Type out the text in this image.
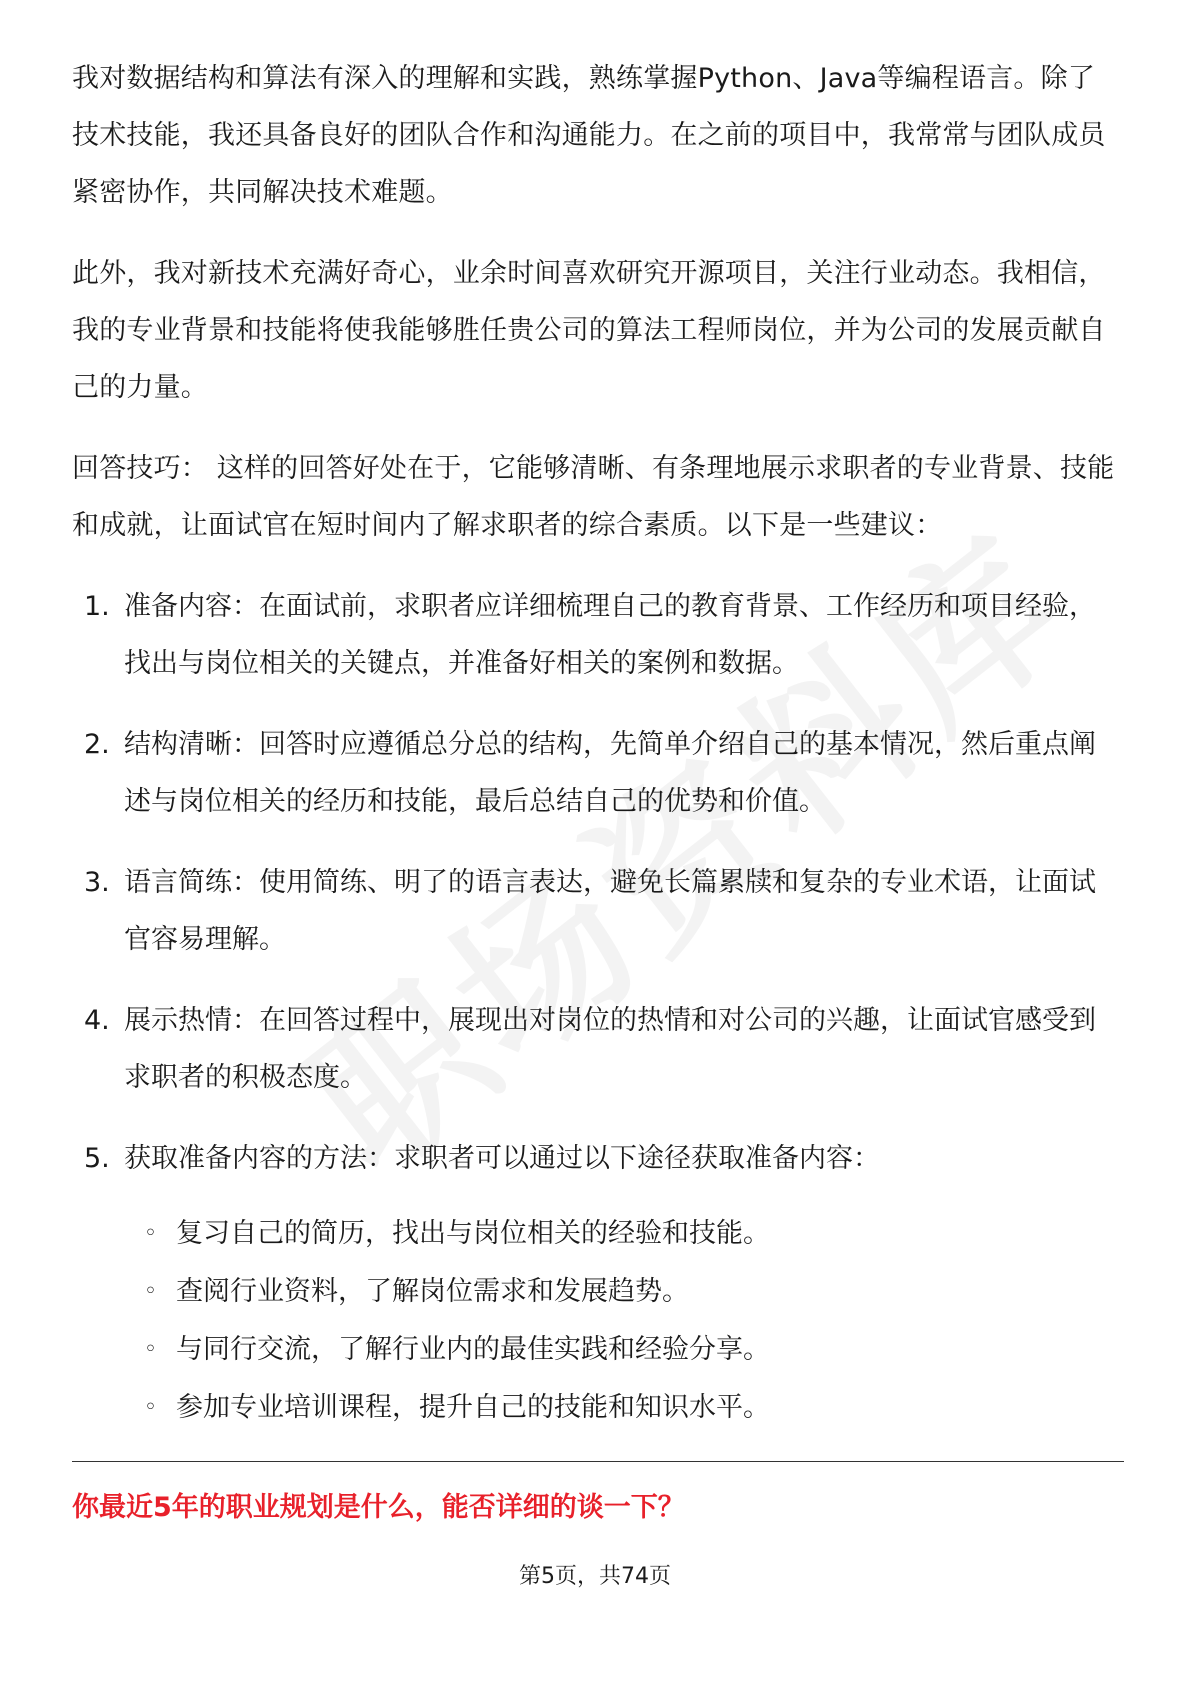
我对数据结构和算法有深入的理解和实践，熟练掌握Python、Java等编程语言。除了技术技能，我还具备良好的团队合作和沟通能力。在之前的项目中，我常常与团队成员紧密协作，共同解决技术难题。

此外，我对新技术充满好奇心，业余时间喜欢研究开源项目，关注行业动态。我相信，我的专业背景和技能将使我能够胜任贵公司的算法工程师岗位，并为公司的发展贡献自己的力量。

回答技巧： 这样的回答好处在于，它能够清晰、有条理地展示求职者的专业背景、技能和成就，让面试官在短时间内了解求职者的综合素质。以下是一些建议：

1. 准备内容：在面试前，求职者应详细梳理自己的教育背景、工作经历和项目经验，找出与岗位相关的关键点，并准备好相关的案例和数据。
2. 结构清晰：回答时应遵循总分总的结构，先简单介绍自己的基本情况，然后重点阐述与岗位相关的经历和技能，最后总结自己的优势和价值。
3. 语言简练：使用简练、明了的语言表达，避免长篇累牍和复杂的专业术语，让面试官容易理解。
4. 展示热情：在回答过程中，展现出对岗位的热情和对公司的兴趣，让面试官感受到求职者的积极态度。
5. 获取准备内容的方法：求职者可以通过以下途径获取准备内容：
◦ 复习自己的简历，找出与岗位相关的经验和技能。
◦ 查阅行业资料，了解岗位需求和发展趋势。
◦ 与同行交流，了解行业内的最佳实践和经验分享。
◦ 参加专业培训课程，提升自己的技能和知识水平。
你最近5年的职业规划是什么，能否详细的谈一下？
第5页，共74页
